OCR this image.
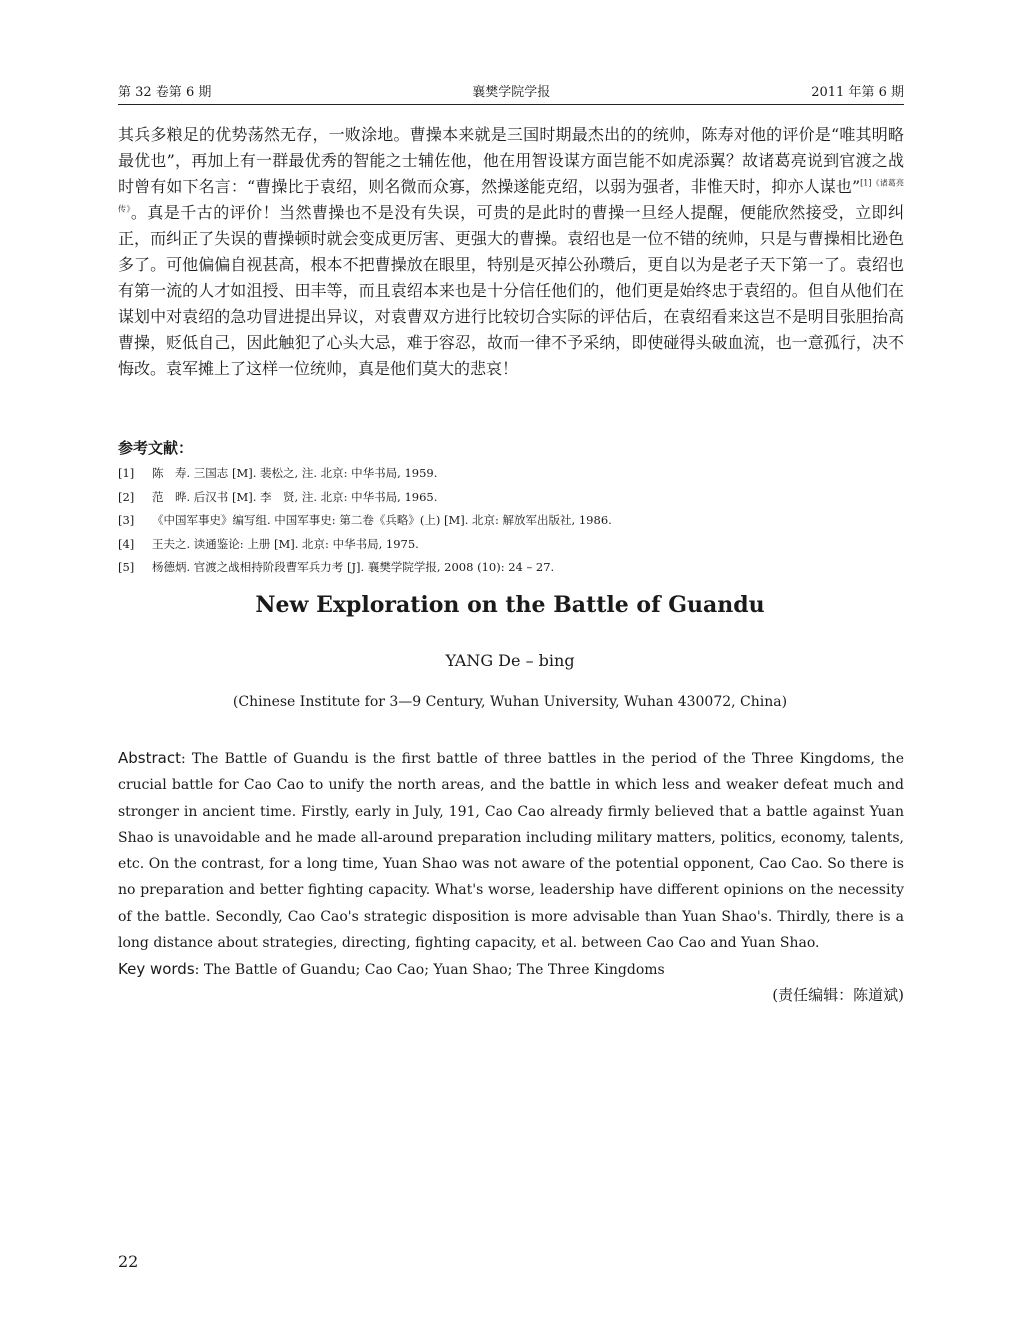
第 32 卷第 6 期	襄樊学院学报	2011 年第 6 期

其兵多粮足的优势荡然无存，一败涂地。曹操本来就是三国时期最杰出的的统帅，陈寿对他的评价是“唯其明略最优也”，再加上有一群最优秀的智能之士辅佐他，他在用智设谋方面岂能不如虎添翼？故诸葛亮说到官渡之战时曾有如下名言：“曹操比于袁绍，则名微而众寡，然操遂能克绍，以弱为强者，非惟天时，抑亦人谋也”$^{[1]《诸葛亮传》}$。真是千古的评价！当然曹操也不是没有失误，可贵的是此时的曹操一旦经人提醒，便能欣然接受，立即纠正，而纠正了失误的曹操顿时就会变成更厉害、更强大的曹操。袁绍也是一位不错的统帅，只是与曹操相比逊色多了。可他偏偏自视甚高，根本不把曹操放在眼里，特别是灭掉公孙瓒后，更自以为是老子天下第一了。袁绍也有第一流的人才如沮授、田丰等，而且袁绍本来也是十分信任他们的，他们更是始终忠于袁绍的。但自从他们在谋划中对袁绍的急功冒进提出异议，对袁曹双方进行比较切合实际的评估后，在袁绍看来这岂不是明目张胆抬高曹操，贬低自己，因此触犯了心头大忌，难于容忍，故而一律不予采纳，即使碰得头破血流，也一意孤行，决不悔改。袁军摊上了这样一位统帅，真是他们莫大的悲哀！

参考文献：

[1]	陈　寿. 三国志 [M]. 裴松之, 注. 北京: 中华书局, 1959.
[2]	范　晔. 后汉书 [M]. 李　贤, 注. 北京: 中华书局, 1965.
[3]	《中国军事史》编写组. 中国军事史: 第二卷《兵略》(上) [M]. 北京: 解放军出版社, 1986.
[4]	王夫之. 读通鉴论: 上册 [M]. 北京: 中华书局, 1975.
[5]	杨德炳. 官渡之战相持阶段曹军兵力考 [J]. 襄樊学院学报, 2008 (10): 24 – 27.
New Exploration on the Battle of Guandu

YANG De – bing

(Chinese Institute for 3—9 Century, Wuhan University, Wuhan 430072, China)

Abstract: The Battle of Guandu is the first battle of three battles in the period of the Three Kingdoms, the crucial battle for Cao Cao to unify the north areas, and the battle in which less and weaker defeat much and stronger in ancient time. Firstly, early in July, 191, Cao Cao already firmly believed that a battle against Yuan Shao is unavoidable and he made all-around preparation including military matters, politics, economy, talents, etc. On the contrast, for a long time, Yuan Shao was not aware of the potential opponent, Cao Cao. So there is no preparation and better fighting capacity. What's worse, leadership have different opinions on the necessity of the battle. Secondly, Cao Cao's strategic disposition is more advisable than Yuan Shao's. Thirdly, there is a long distance about strategies, directing, fighting capacity, et al. between Cao Cao and Yuan Shao.

Key words: The Battle of Guandu; Cao Cao; Yuan Shao; The Three Kingdoms

(责任编辑：陈道斌)

22
